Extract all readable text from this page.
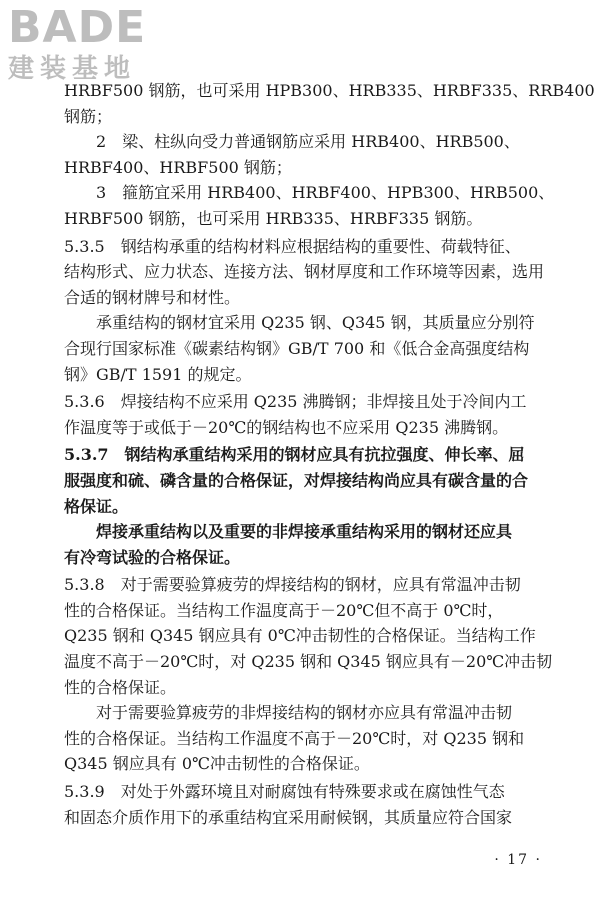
BADE
建装基地
HRBF500 钢筋，也可采用 HPB300、HRB335、HRBF335、RRB400
钢筋；
2　梁、柱纵向受力普通钢筋应采用 HRB400、HRB500、
HRBF400、HRBF500 钢筋；
3　箍筋宜采用 HRB400、HRBF400、HPB300、HRB500、
HRBF500 钢筋，也可采用 HRB335、HRBF335 钢筋。
5.3.5　钢结构承重的结构材料应根据结构的重要性、荷载特征、
结构形式、应力状态、连接方法、钢材厚度和工作环境等因素，选用
合适的钢材牌号和材性。
承重结构的钢材宜采用 Q235 钢、Q345 钢，其质量应分别符
合现行国家标准《碳素结构钢》GB/T 700 和《低合金高强度结构
钢》GB/T 1591 的规定。
5.3.6　焊接结构不应采用 Q235 沸腾钢；非焊接且处于冷间内工
作温度等于或低于－20℃的钢结构也不应采用 Q235 沸腾钢。
5.3.7　钢结构承重结构采用的钢材应具有抗拉强度、伸长率、屈
服强度和硫、磷含量的合格保证，对焊接结构尚应具有碳含量的合
格保证。
焊接承重结构以及重要的非焊接承重结构采用的钢材还应具
有冷弯试验的合格保证。
5.3.8　对于需要验算疲劳的焊接结构的钢材，应具有常温冲击韧
性的合格保证。当结构工作温度高于－20℃但不高于 0℃时，
Q235 钢和 Q345 钢应具有 0℃冲击韧性的合格保证。当结构工作
温度不高于－20℃时，对 Q235 钢和 Q345 钢应具有－20℃冲击韧
性的合格保证。
对于需要验算疲劳的非焊接结构的钢材亦应具有常温冲击韧
性的合格保证。当结构工作温度不高于－20℃时，对 Q235 钢和
Q345 钢应具有 0℃冲击韧性的合格保证。
5.3.9　对处于外露环境且对耐腐蚀有特殊要求或在腐蚀性气态
和固态介质作用下的承重结构宜采用耐候钢，其质量应符合国家
· 17 ·
